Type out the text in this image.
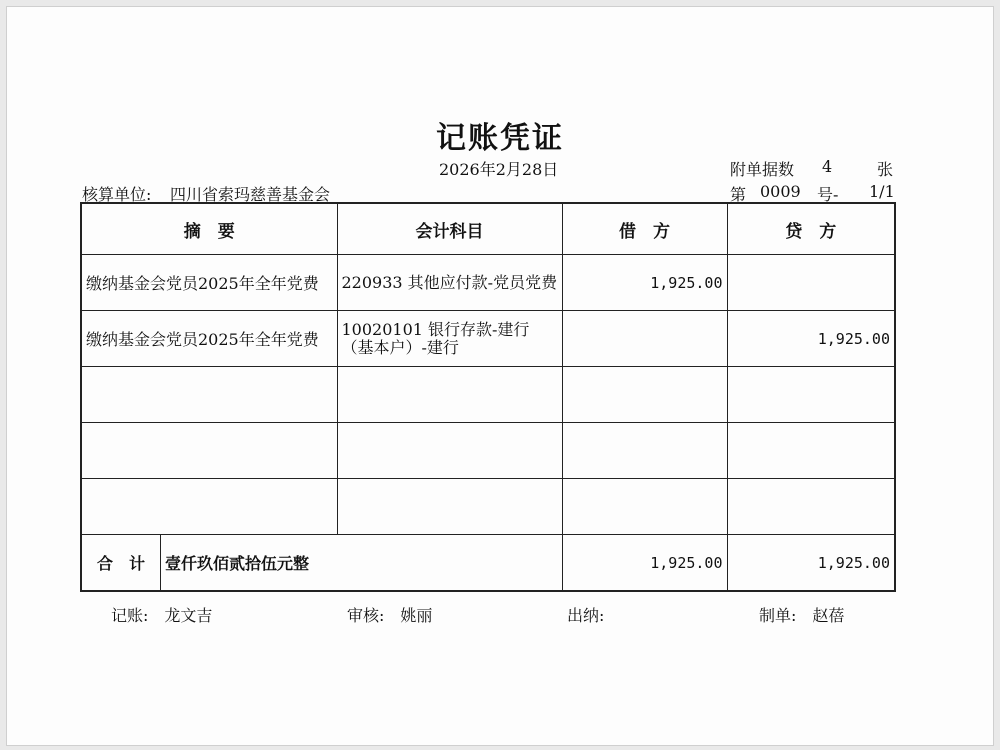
记账凭证
2026年2月28日	附单据数 4	张
核算单位: 四川省索玛慈善基金会	第 0009 号- 1/1
摘　要	会计科目	借　方	贷　方
缴纳基金会党员2025年全年党费	220933 其他应付款-党员党费	1,925.00	
缴纳基金会党员2025年全年党费	10020101 银行存款-建行（基本户）-建行		1,925.00

合　计 壹仟玖佰贰拾伍元整		1,925.00	1,925.00
记账:　龙文吉	审核:　姚丽	出纳:	制单:　赵蓓
